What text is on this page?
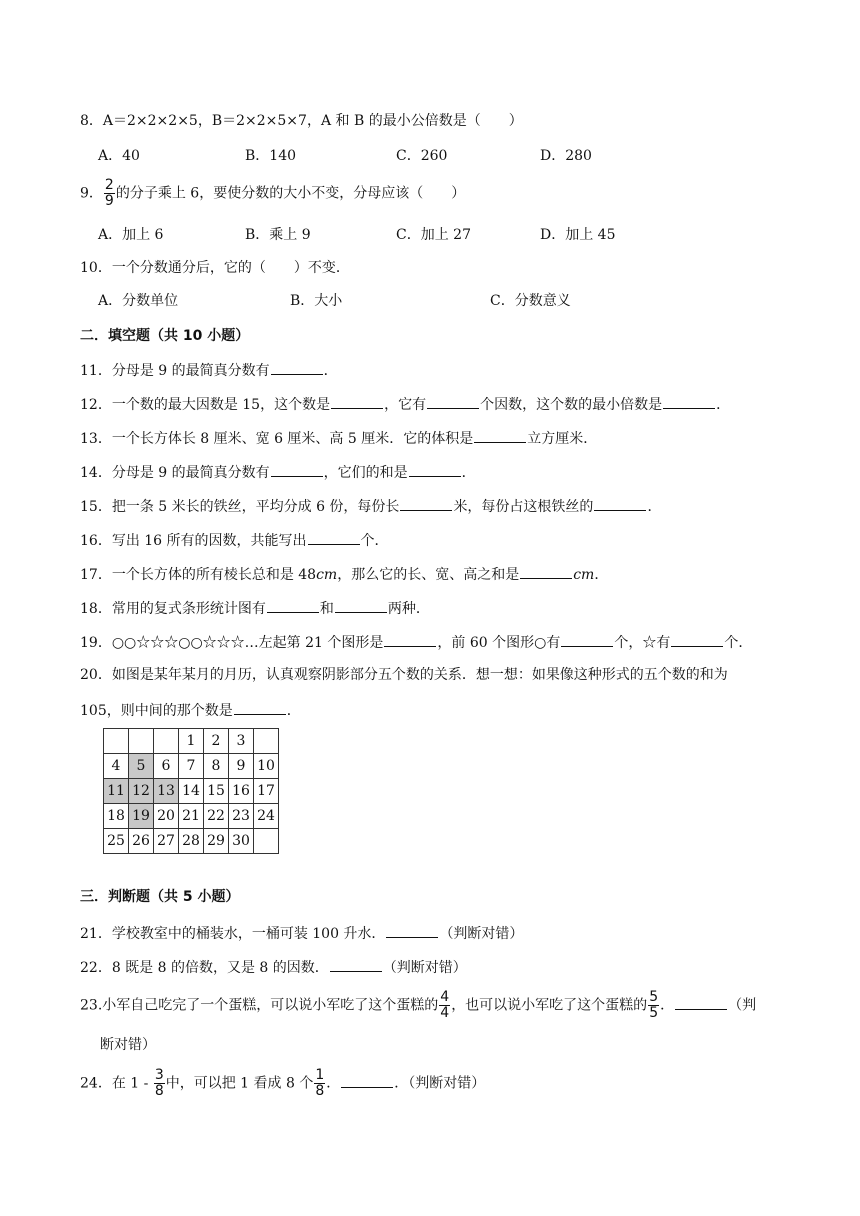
8．A＝2×2×2×5，B＝2×2×5×7，A 和 B 的最小公倍数是（　　）
A．40	B．140	C．260	D．280
9． $\frac{2}{9}$ 的分子乘上 6，要使分数的大小不变，分母应该（　　）
A．加上 6	B．乘上 9	C．加上 27	D．加上 45
10．一个分数通分后，它的（　　）不变．
A．分数单位	B．大小	C．分数意义
二．填空题（共 10 小题）
11．分母是 9 的最简真分数有	．
12．一个数的最大因数是 15，这个数是	，它有	个因数，这个数的最小倍数是	．
13．一个长方体长 8 厘米、宽 6 厘米、高 5 厘米．它的体积是	立方厘米．
14．分母是 9 的最简真分数有	，它们的和是	．
15．把一条 5 米长的铁丝，平均分成 6 份，每份长	米，每份占这根铁丝的	．
16．写出 16 所有的因数，共能写出	个．
17．一个长方体的所有棱长总和是 48cm，那么它的长、宽、高之和是	cm．
18．常用的复式条形统计图有	和	两种．
19．○○☆☆☆○○☆☆☆…左起第 21 个图形是	，前 60 个图形○有	个，☆有	个．
20．如图是某年某月的月历，认真观察阴影部分五个数的关系．想一想：如果像这种形式的五个数的和为
105，则中间的那个数是	．
			1	2	3	
4	5	6	7	8	9	10
11	12	13	14	15	16	17
18	19	20	21	22	23	24
25	26	27	28	29	30	
三．判断题（共 5 小题）
21．学校教室中的桶装水，一桶可装 100 升水．	（判断对错）
22．8 既是 8 的倍数，又是 8 的因数．	（判断对错）
23.小军自己吃完了一个蛋糕，可以说小军吃了这个蛋糕的 $\frac{4}{4}$ ，也可以说小军吃了这个蛋糕的 $\frac{5}{5}$ ．	（判
断对错）
24．在 $1 - \frac{3}{8}$ 中，可以把 1 看成 8 个 $\frac{1}{8}$ ．	．（判断对错）
